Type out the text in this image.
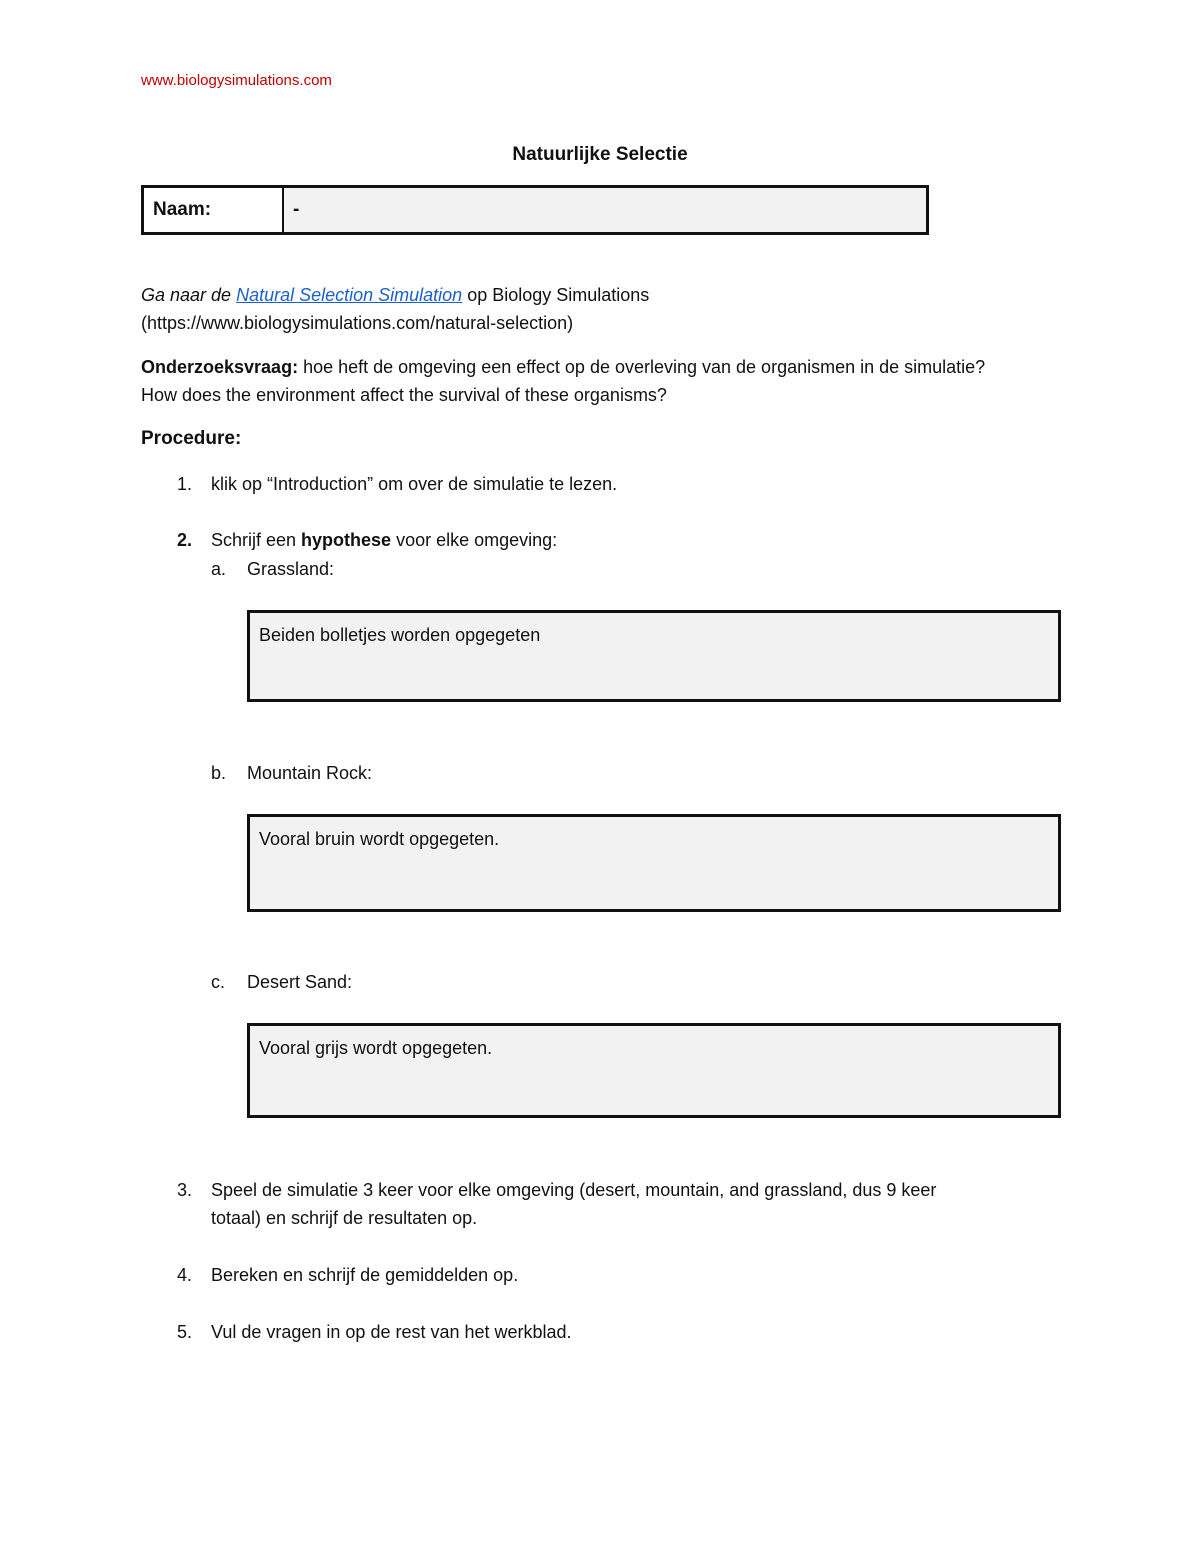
www.biologysimulations.com
Natuurlijke Selectie
Naam:	-
Ga naar de Natural Selection Simulation op Biology Simulations
(https://www.biologysimulations.com/natural-selection)
Onderzoeksvraag: hoe heft de omgeving een effect op de overleving van de organismen in de simulatie?
How does the environment affect the survival of these organisms?
Procedure:
1. klik op “Introduction” om over de simulatie te lezen.
2. Schrijf een hypothese voor elke omgeving:
a. Grassland:
Beiden bolletjes worden opgegeten
b. Mountain Rock:
Vooral bruin wordt opgegeten.
c. Desert Sand:
Vooral grijs wordt opgegeten.
3. Speel de simulatie 3 keer voor elke omgeving (desert, mountain, and grassland, dus 9 keer
totaal) en schrijf de resultaten op.
4. Bereken en schrijf de gemiddelden op.
5. Vul de vragen in op de rest van het werkblad.
